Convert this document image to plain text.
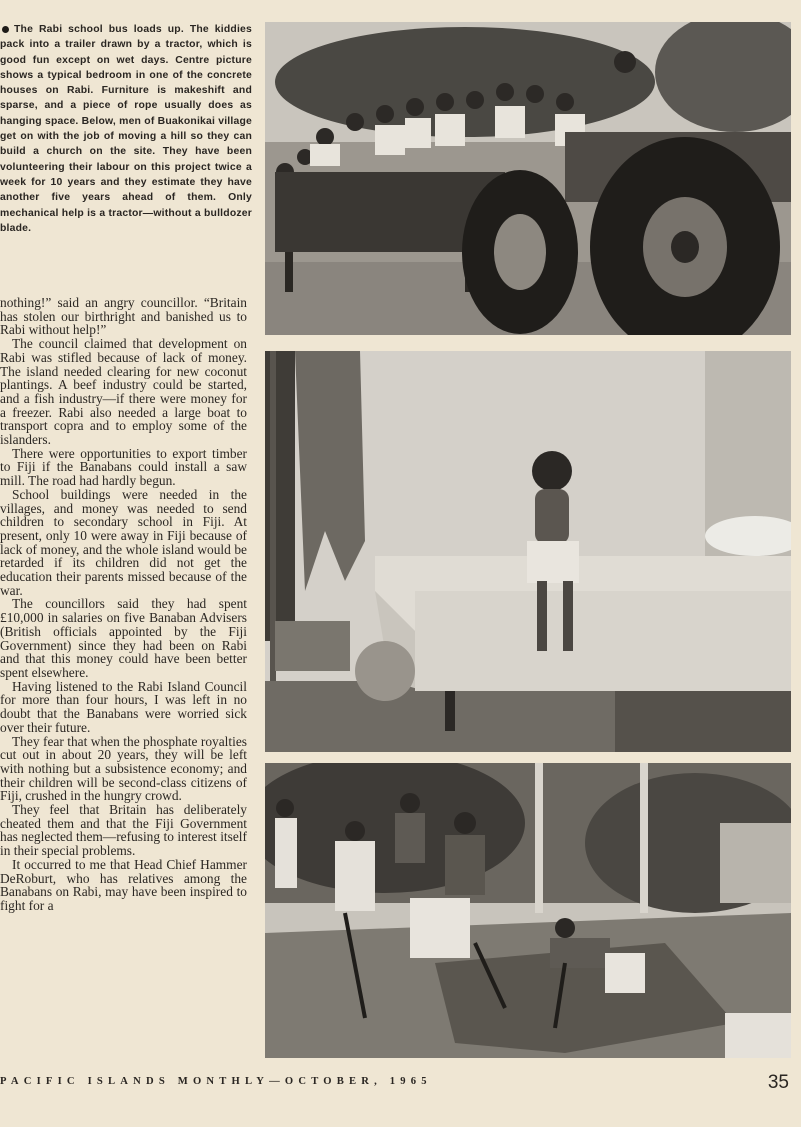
The Rabi school bus loads up. The kiddies pack into a trailer drawn by a tractor, which is good fun except on wet days. Centre picture shows a typical bedroom in one of the concrete houses on Rabi. Furniture is makeshift and sparse, and a piece of rope usually does as hanging space. Below, men of Buakonikai village get on with the job of moving a hill so they can build a church on the site. They have been volunteering their labour on this project twice a week for 10 years and they estimate they have another five years ahead of them. Only mechanical help is a tractor—without a bulldozer blade.

nothing!” said an angry councillor. “Britain has stolen our birthright and banished us to Rabi without help!”

The council claimed that development on Rabi was stifled because of lack of money. The island needed clearing for new coconut plantings. A beef industry could be started, and a fish industry—if there were money for a freezer. Rabi also needed a large boat to transport copra and to employ some of the islanders.

There were opportunities to export timber to Fiji if the Banabans could install a saw mill. The road had hardly begun.

School buildings were needed in the villages, and money was needed to send children to secondary school in Fiji. At present, only 10 were away in Fiji because of lack of money, and the whole island would be retarded if its children did not get the education their parents missed because of the war.

The councillors said they had spent £10,000 in salaries on five Banaban Advisers (British officials appointed by the Fiji Government) since they had been on Rabi and that this money could have been better spent elsewhere.

Having listened to the Rabi Island Council for more than four hours, I was left in no doubt that the Banabans were worried sick over their future.

They fear that when the phosphate royalties cut out in about 20 years, they will be left with nothing but a subsistence economy; and their children will be second-class citizens of Fiji, crushed in the hungry crowd.

They feel that Britain has deliberately cheated them and that the Fiji Government has neglected them—refusing to interest itself in their special problems.

It occurred to me that Head Chief Hammer DeRoburt, who has relatives among the Banabans on Rabi, may have been inspired to fight for a

PACIFIC ISLANDS MONTHLY—OCTOBER, 1965	35
